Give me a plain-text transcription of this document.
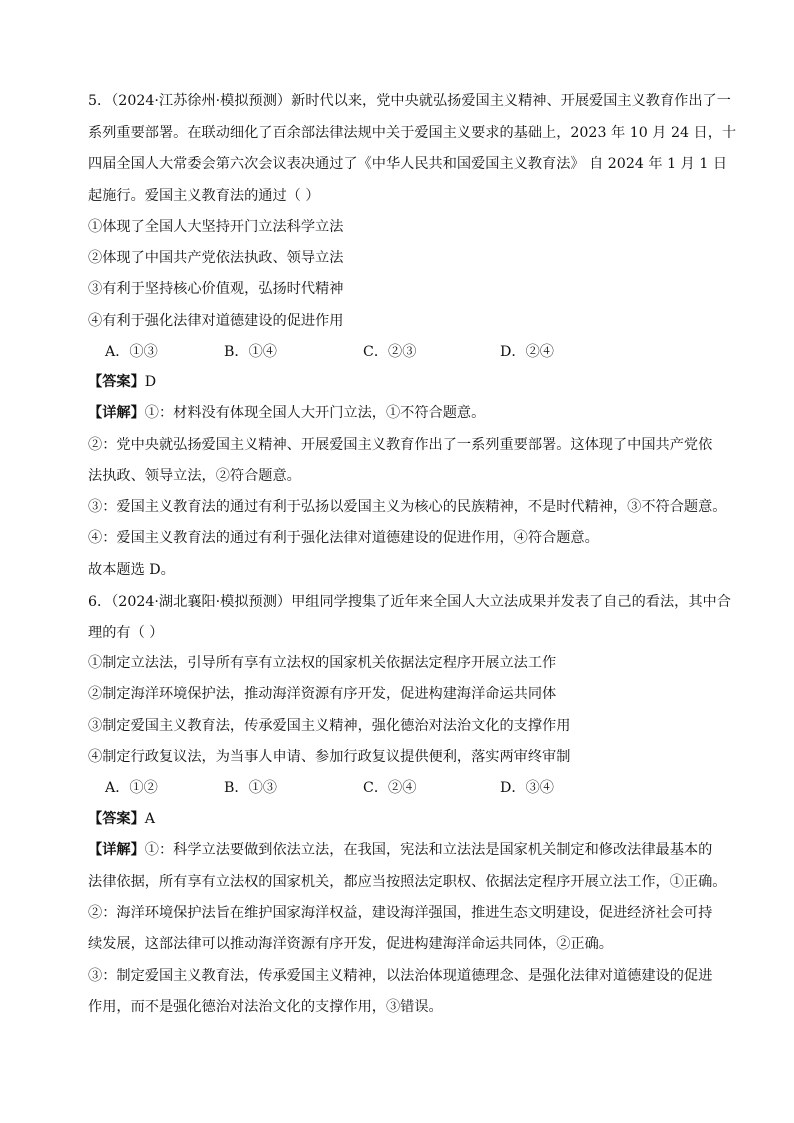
5．（2024·江苏徐州·模拟预测）新时代以来，党中央就弘扬爱国主义精神、开展爱国主义教育作出了一
系列重要部署。在联动细化了百余部法律法规中关于爱国主义要求的基础上，2023 年 10 月 24 日，十
四届全国人大常委会第六次会议表决通过了《中华人民共和国爱国主义教育法》 自 2024 年 1 月 1 日
起施行。爱国主义教育法的通过（ ）
①体现了全国人大坚持开门立法科学立法
②体现了中国共产党依法执政、领导立法
③有利于坚持核心价值观，弘扬时代精神
④有利于强化法律对道德建设的促进作用
A．①③	B．①④	C．②③	D．②④
【答案】D
【详解】①：材料没有体现全国人大开门立法，①不符合题意。
②：党中央就弘扬爱国主义精神、开展爱国主义教育作出了一系列重要部署。这体现了中国共产党依
法执政、领导立法，②符合题意。
③：爱国主义教育法的通过有利于弘扬以爱国主义为核心的民族精神，不是时代精神，③不符合题意。
④：爱国主义教育法的通过有利于强化法律对道德建设的促进作用，④符合题意。
故本题选 D。
6．（2024·湖北襄阳·模拟预测）甲组同学搜集了近年来全国人大立法成果并发表了自己的看法，其中合
理的有（ ）
①制定立法法，引导所有享有立法权的国家机关依据法定程序开展立法工作
②制定海洋环境保护法，推动海洋资源有序开发，促进构建海洋命运共同体
③制定爱国主义教育法，传承爱国主义精神，强化德治对法治文化的支撑作用
④制定行政复议法，为当事人申请、参加行政复议提供便利，落实两审终审制
A．①②	B．①③	C．②④	D．③④
【答案】A
【详解】①：科学立法要做到依法立法，在我国，宪法和立法法是国家机关制定和修改法律最基本的
法律依据，所有享有立法权的国家机关，都应当按照法定职权、依据法定程序开展立法工作，①正确。
②：海洋环境保护法旨在维护国家海洋权益，建设海洋强国，推进生态文明建设，促进经济社会可持
续发展，这部法律可以推动海洋资源有序开发，促进构建海洋命运共同体，②正确。
③：制定爱国主义教育法，传承爱国主义精神，以法治体现道德理念、是强化法律对道德建设的促进
作用，而不是强化德治对法治文化的支撑作用，③错误。
